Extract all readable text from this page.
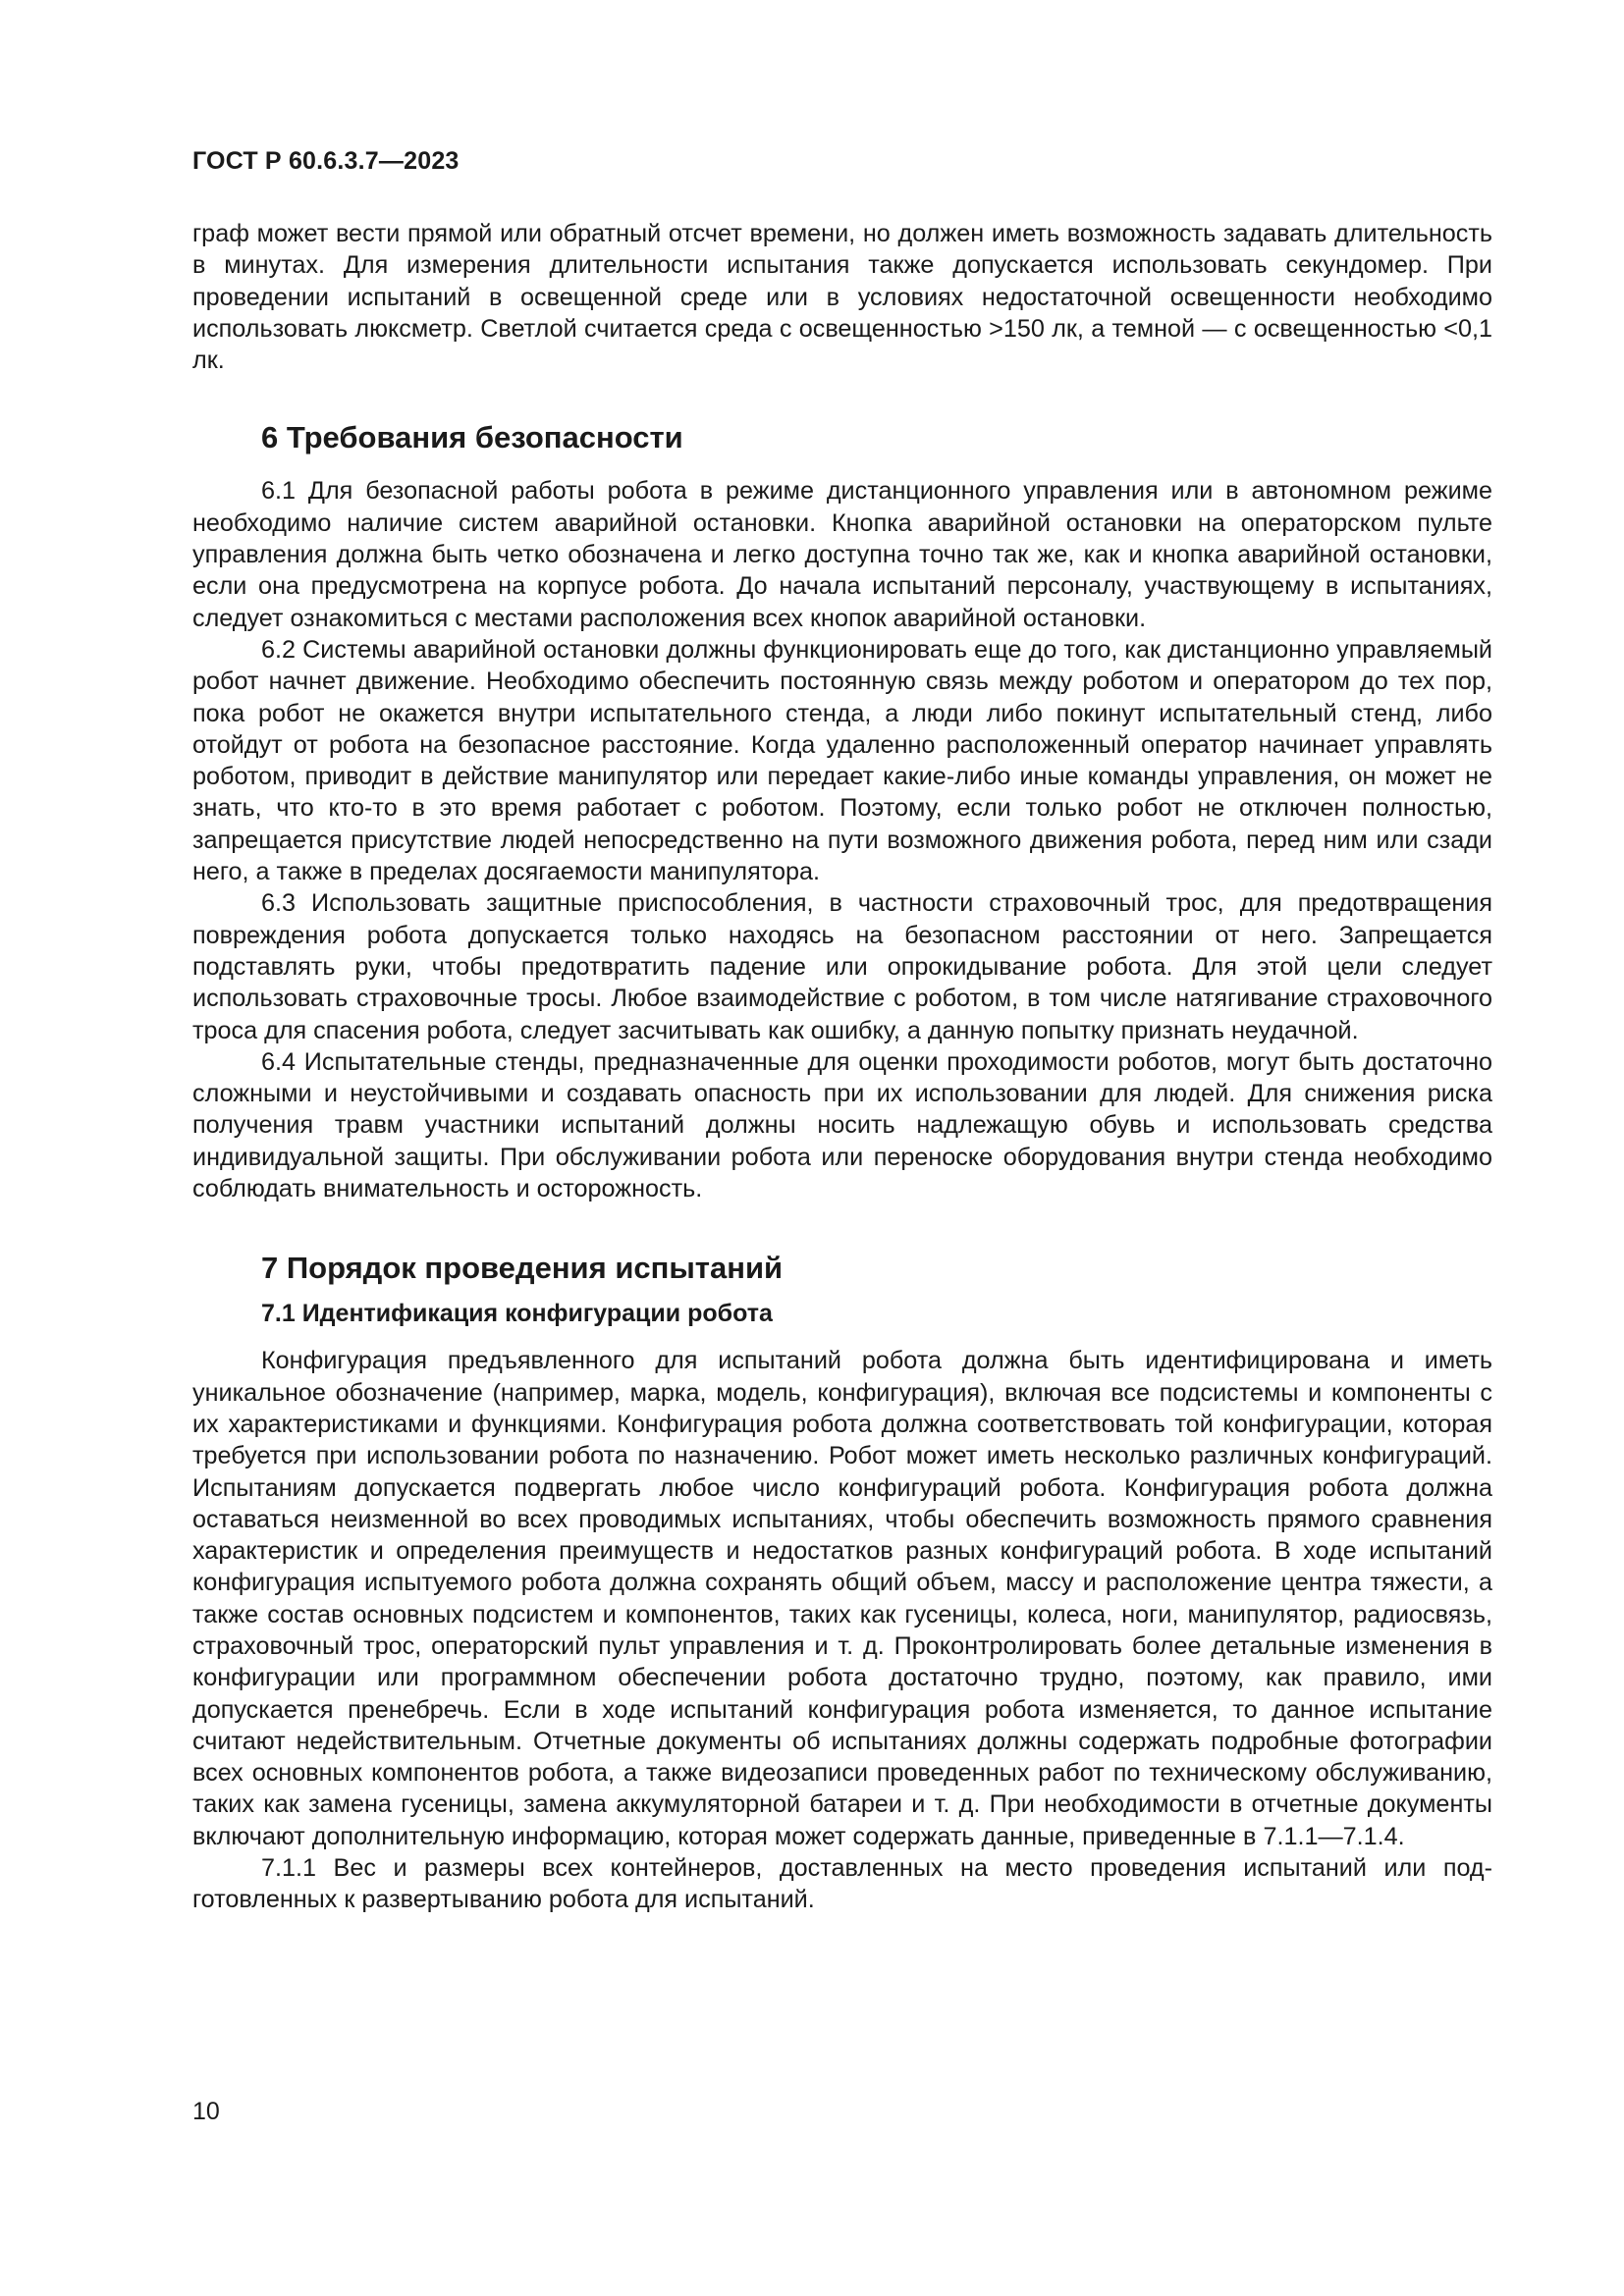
ГОСТ Р 60.6.3.7—2023

граф может вести прямой или обратный отсчет времени, но должен иметь возможность задавать длительность в минутах. Для измерения длительности испытания также допускается использовать секундомер. При проведении испытаний в освещенной среде или в условиях недостаточной освещенности необходимо использовать люксметр. Светлой считается среда с освещенностью >150 лк, а темной — с освещенностью <0,1 лк.

6 Требования безопасности

6.1 Для безопасной работы робота в режиме дистанционного управления или в автономном режиме необходимо наличие систем аварийной остановки. Кнопка аварийной остановки на операторском пульте управления должна быть четко обозначена и легко доступна точно так же, как и кнопка аварийной остановки, если она предусмотрена на корпусе робота. До начала испытаний персоналу, участвующему в испытаниях, следует ознакомиться с местами расположения всех кнопок аварийной остановки.

6.2 Системы аварийной остановки должны функционировать еще до того, как дистанционно управляемый робот начнет движение. Необходимо обеспечить постоянную связь между роботом и оператором до тех пор, пока робот не окажется внутри испытательного стенда, а люди либо покинут испытательный стенд, либо отойдут от робота на безопасное расстояние. Когда удаленно расположенный оператор начинает управлять роботом, приводит в действие манипулятор или передает какие-либо иные команды управления, он может не знать, что кто-то в это время работает с роботом. Поэтому, если только робот не отключен полностью, запрещается присутствие людей непосредственно на пути возможного движения робота, перед ним или сзади него, а также в пределах досягаемости манипулятора.

6.3 Использовать защитные приспособления, в частности страховочный трос, для предотвращения повреждения робота допускается только находясь на безопасном расстоянии от него. Запрещается подставлять руки, чтобы предотвратить падение или опрокидывание робота. Для этой цели следует использовать страховочные тросы. Любое взаимодействие с роботом, в том числе натягивание страховочного троса для спасения робота, следует засчитывать как ошибку, а данную попытку признать неудачной.

6.4 Испытательные стенды, предназначенные для оценки проходимости роботов, могут быть достаточно сложными и неустойчивыми и создавать опасность при их использовании для людей. Для снижения риска получения травм участники испытаний должны носить надлежащую обувь и использовать средства индивидуальной защиты. При обслуживании робота или переноске оборудования внутри стенда необходимо соблюдать внимательность и осторожность.

7 Порядок проведения испытаний
7.1 Идентификация конфигурации робота

Конфигурация предъявленного для испытаний робота должна быть идентифицирована и иметь уникальное обозначение (например, марка, модель, конфигурация), включая все подсистемы и компоненты с их характеристиками и функциями. Конфигурация робота должна соответствовать той конфигурации, которая требуется при использовании робота по назначению. Робот может иметь несколько различных конфигураций. Испытаниям допускается подвергать любое число конфигураций робота. Конфигурация робота должна оставаться неизменной во всех проводимых испытаниях, чтобы обеспечить возможность прямого сравнения характеристик и определения преимуществ и недостатков разных конфигураций робота. В ходе испытаний конфигурация испытуемого робота должна сохранять общий объем, массу и расположение центра тяжести, а также состав основных подсистем и компонентов, таких как гусеницы, колеса, ноги, манипулятор, радиосвязь, страховочный трос, операторский пульт управления и т. д. Проконтролировать более детальные изменения в конфигурации или программном обеспечении робота достаточно трудно, поэтому, как правило, ими допускается пренебречь. Если в ходе испытаний конфигурация робота изменяется, то данное испытание считают недействительным. Отчетные документы об испытаниях должны содержать подробные фотографии всех основных компонентов робота, а также видеозаписи проведенных работ по техническому обслуживанию, таких как замена гусеницы, замена аккумуляторной батареи и т. д. При необходимости в отчетные документы включают дополнительную информацию, которая может содержать данные, приведенные в 7.1.1—7.1.4.

7.1.1 Вес и размеры всех контейнеров, доставленных на место проведения испытаний или подготовленных к развертыванию робота для испытаний.

10
